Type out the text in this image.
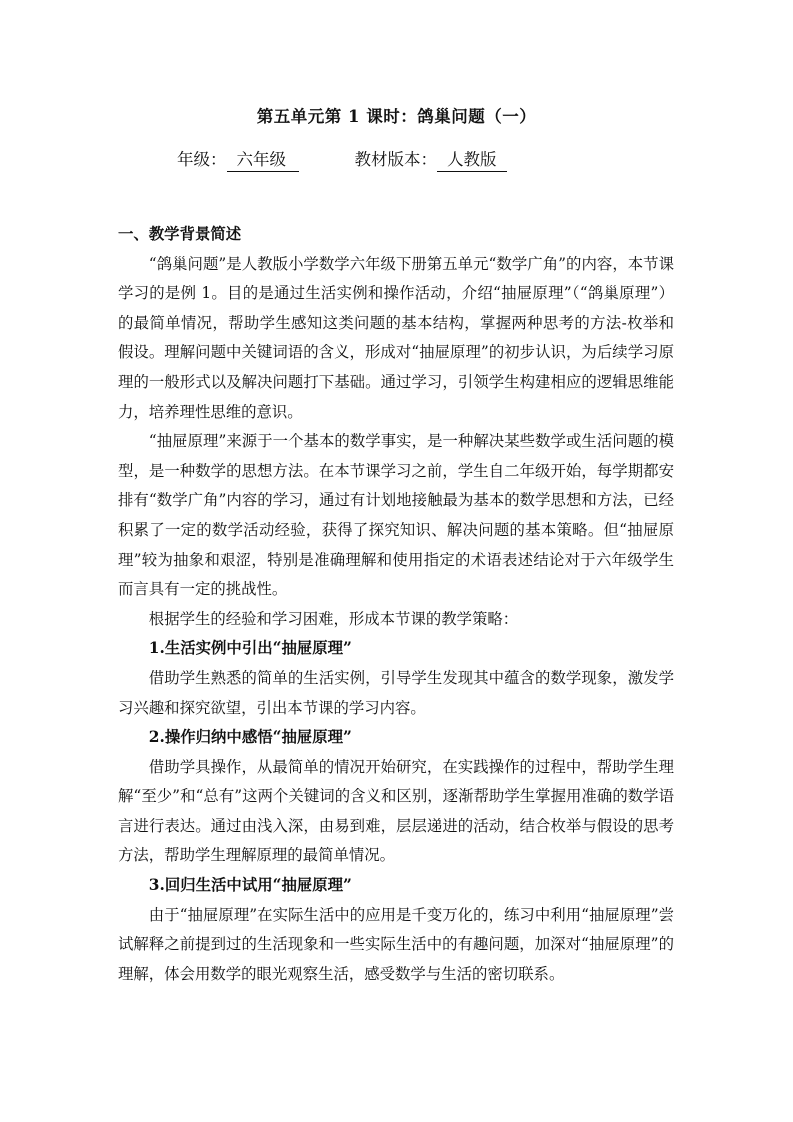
第五单元第 1 课时：鸽巢问题（一）
年级： 六年级	教材版本： 人教版

一、教学背景简述

“鸽巢问题”是人教版小学数学六年级下册第五单元“数学广角”的内容，本节课学习的是例 1。目的是通过生活实例和操作活动，介绍“抽屉原理”（“鸽巢原理”）的最简单情况，帮助学生感知这类问题的基本结构，掌握两种思考的方法-枚举和假设。理解问题中关键词语的含义，形成对“抽屉原理”的初步认识，为后续学习原理的一般形式以及解决问题打下基础。通过学习，引领学生构建相应的逻辑思维能力，培养理性思维的意识。

“抽屉原理”来源于一个基本的数学事实，是一种解决某些数学或生活问题的模型，是一种数学的思想方法。在本节课学习之前，学生自二年级开始，每学期都安排有“数学广角”内容的学习，通过有计划地接触最为基本的数学思想和方法，已经积累了一定的数学活动经验，获得了探究知识、解决问题的基本策略。但“抽屉原理”较为抽象和艰涩，特别是准确理解和使用指定的术语表述结论对于六年级学生而言具有一定的挑战性。

根据学生的经验和学习困难，形成本节课的教学策略：

1.生活实例中引出“抽屉原理”

借助学生熟悉的简单的生活实例，引导学生发现其中蕴含的数学现象，激发学习兴趣和探究欲望，引出本节课的学习内容。

2.操作归纳中感悟“抽屉原理”

借助学具操作，从最简单的情况开始研究，在实践操作的过程中，帮助学生理解“至少”和“总有”这两个关键词的含义和区别，逐渐帮助学生掌握用准确的数学语言进行表达。通过由浅入深，由易到难，层层递进的活动，结合枚举与假设的思考方法，帮助学生理解原理的最简单情况。

3.回归生活中试用“抽屉原理”

由于“抽屉原理”在实际生活中的应用是千变万化的，练习中利用“抽屉原理”尝试解释之前提到过的生活现象和一些实际生活中的有趣问题，加深对“抽屉原理”的理解，体会用数学的眼光观察生活，感受数学与生活的密切联系。
